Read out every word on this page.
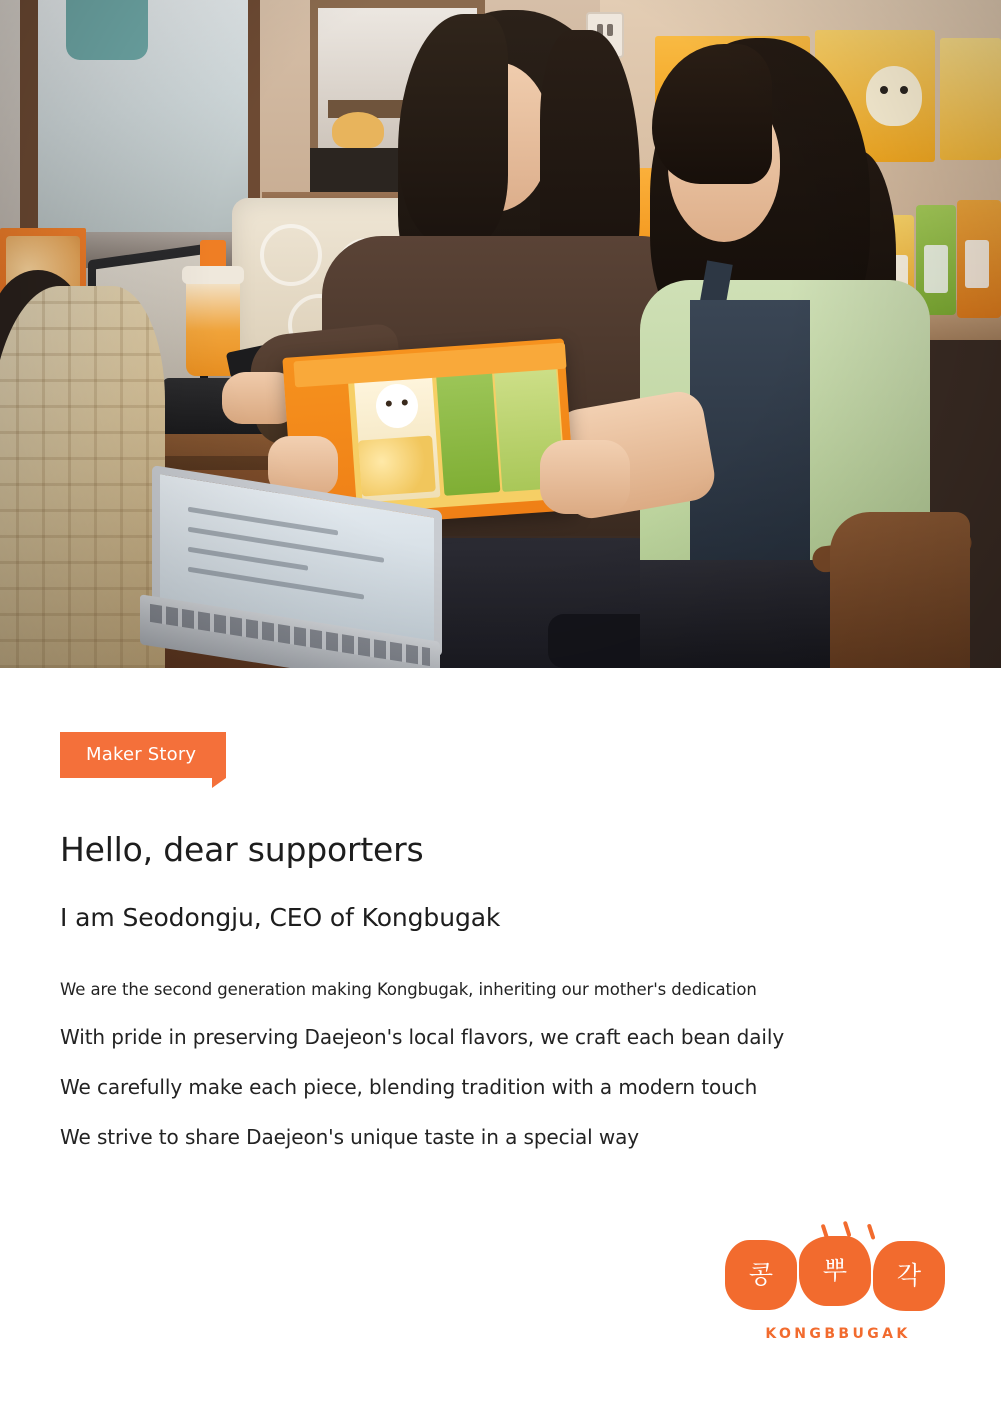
Maker Story
Hello, dear supporters
I am Seodongju, CEO of Kongbugak

We are the second generation making Kongbugak, inheriting our mother's dedication

With pride in preserving Daejeon's local flavors, we craft each bean daily

We carefully make each piece, blending tradition with a modern touch

We strive to share Daejeon's unique taste in a special way

콩	뿌	각
KONGBBUGAK
